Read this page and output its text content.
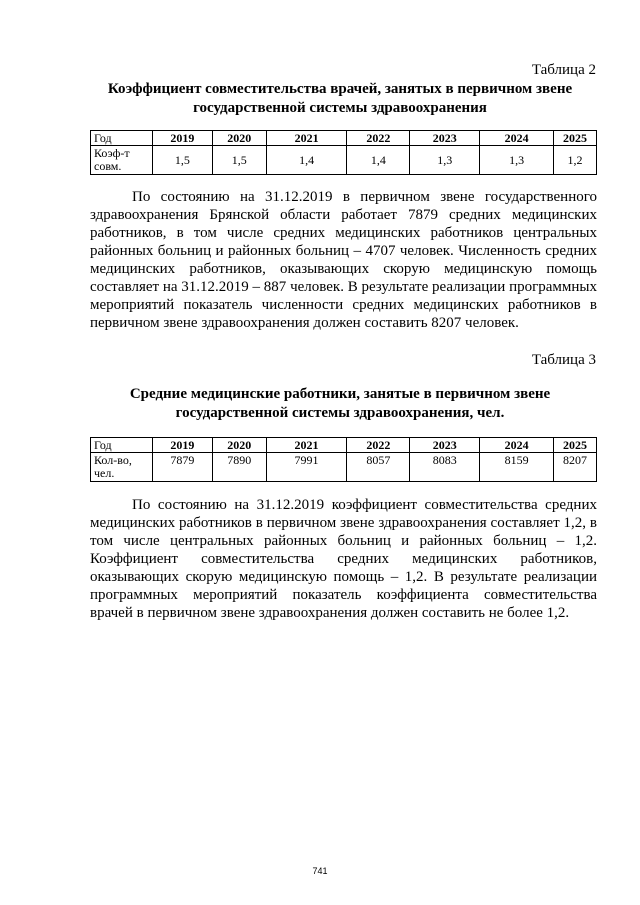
Таблица 2
Коэффициент совместительства врачей, занятых в первичном звене государственной системы здравоохранения
Год	2019	2020	2021	2022	2023	2024	2025
Коэф-т совм.	1,5	1,5	1,4	1,4	1,3	1,3	1,2

По состоянию на 31.12.2019 в первичном звене государственного здравоохранения Брянской области работает 7879 средних медицинских работников, в том числе средних медицинских работников центральных районных больниц и районных больниц – 4707 человек. Численность средних медицинских работников, оказывающих скорую медицинскую помощь составляет на 31.12.2019 – 887 человек. В результате реализации программных мероприятий показатель численности средних медицинских работников в первичном звене здравоохранения должен составить 8207 человек.

Таблица 3
Средние медицинские работники, занятые в первичном звене государственной системы здравоохранения, чел.
Год	2019	2020	2021	2022	2023	2024	2025
Кол-во, чел.	7879	7890	7991	8057	8083	8159	8207

По состоянию на 31.12.2019 коэффициент совместительства средних медицинских работников в первичном звене здравоохранения составляет 1,2, в том числе центральных районных больниц и районных больниц – 1,2. Коэффициент совместительства средних медицинских работников, оказывающих скорую медицинскую помощь – 1,2. В результате реализации программных мероприятий показатель коэффициента совместительства врачей в первичном звене здравоохранения должен составить не более 1,2.

741
